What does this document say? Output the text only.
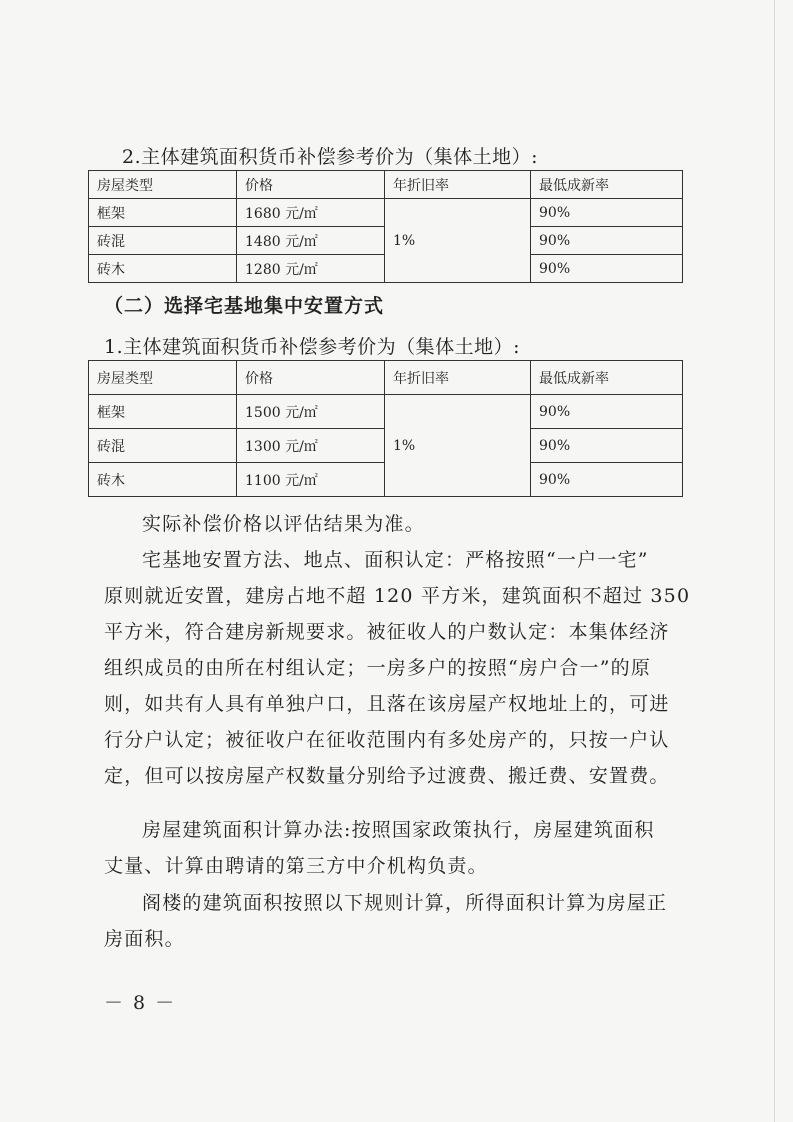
2.主体建筑面积货币补偿参考价为（集体土地）:
房屋类型	价格	年折旧率	最低成新率
框架	1680 元/㎡	1%	90%
砖混	1480 元/㎡		90%
砖木	1280 元/㎡		90%
（二）选择宅基地集中安置方式
1.主体建筑面积货币补偿参考价为（集体土地）:
房屋类型	价格	年折旧率	最低成新率
框架	1500 元/㎡	1%	90%
砖混	1300 元/㎡		90%
砖木	1100 元/㎡		90%
实际补偿价格以评估结果为准。
宅基地安置方法、地点、面积认定：严格按照“一户一宅”
原则就近安置，建房占地不超 120 平方米，建筑面积不超过 350
平方米，符合建房新规要求。被征收人的户数认定：本集体经济
组织成员的由所在村组认定；一房多户的按照“房户合一”的原
则，如共有人具有单独户口，且落在该房屋产权地址上的，可进
行分户认定；被征收户在征收范围内有多处房产的，只按一户认
定，但可以按房屋产权数量分别给予过渡费、搬迁费、安置费。
房屋建筑面积计算办法:按照国家政策执行，房屋建筑面积
丈量、计算由聘请的第三方中介机构负责。
阁楼的建筑面积按照以下规则计算，所得面积计算为房屋正
房面积。
－ 8 －
